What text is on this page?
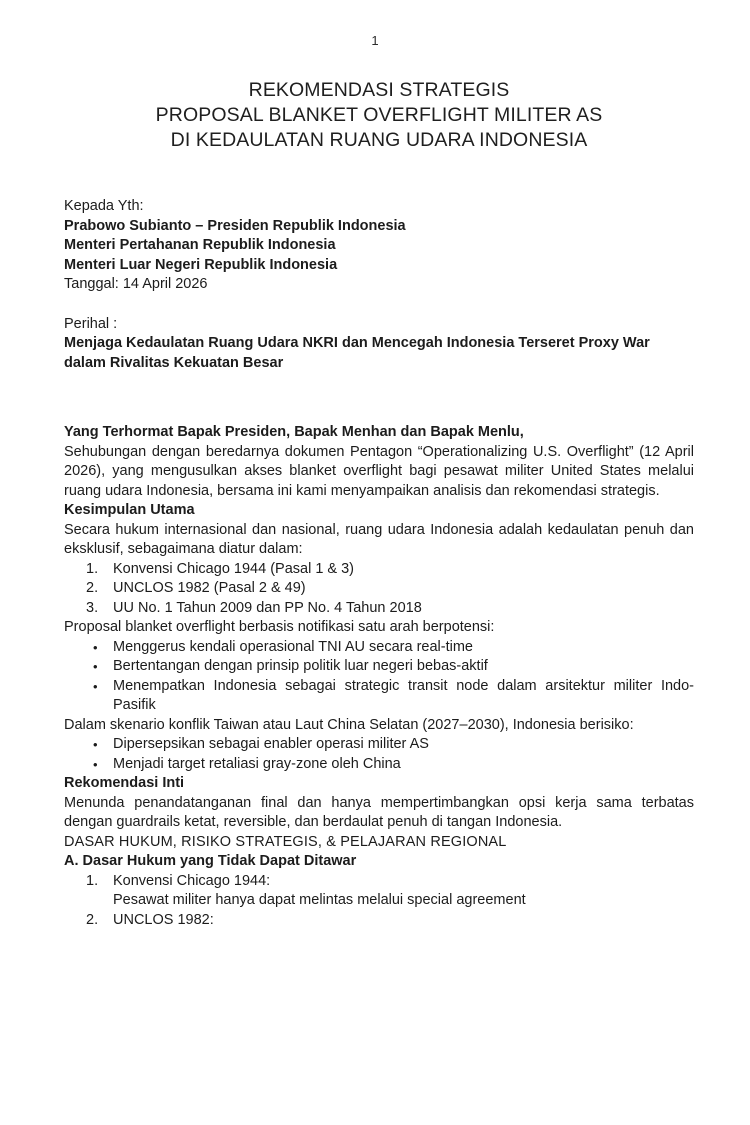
1
REKOMENDASI STRATEGIS
PROPOSAL BLANKET OVERFLIGHT MILITER AS
DI KEDAULATAN RUANG UDARA INDONESIA
Kepada Yth:
Prabowo Subianto – Presiden Republik Indonesia
Menteri Pertahanan Republik Indonesia
Menteri Luar Negeri Republik Indonesia
Tanggal: 14 April 2026
Perihal :
Menjaga Kedaulatan Ruang Udara NKRI dan Mencegah Indonesia Terseret Proxy War dalam Rivalitas Kekuatan Besar
Yang Terhormat Bapak Presiden, Bapak Menhan dan Bapak Menlu,

Sehubungan dengan beredarnya dokumen Pentagon “Operationalizing U.S. Overflight” (12 April 2026), yang mengusulkan akses blanket overflight bagi pesawat militer United States melalui ruang udara Indonesia, bersama ini kami menyampaikan analisis dan rekomendasi strategis.

Kesimpulan Utama

Secara hukum internasional dan nasional, ruang udara Indonesia adalah kedaulatan penuh dan eksklusif, sebagaimana diatur dalam:

1.	Konvensi Chicago 1944 (Pasal 1 & 3)
2.	UNCLOS 1982 (Pasal 2 & 49)
3.	UU No. 1 Tahun 2009 dan PP No. 4 Tahun 2018

Proposal blanket overflight berbasis notifikasi satu arah berpotensi:

• Menggerus kendali operasional TNI AU secara real-time
• Bertentangan dengan prinsip politik luar negeri bebas-aktif
• Menempatkan Indonesia sebagai strategic transit node dalam arsitektur militer Indo-Pasifik

Dalam skenario konflik Taiwan atau Laut China Selatan (2027–2030), Indonesia berisiko:

• Dipersepsikan sebagai enabler operasi militer AS
• Menjadi target retaliasi gray-zone oleh China
Rekomendasi Inti

Menunda penandatanganan final dan hanya mempertimbangkan opsi kerja sama terbatas dengan guardrails ketat, reversible, dan berdaulat penuh di tangan Indonesia.

DASAR HUKUM, RISIKO STRATEGIS, & PELAJARAN REGIONAL
A. Dasar Hukum yang Tidak Dapat Ditawar
1.	Konvensi Chicago 1944:
Pesawat militer hanya dapat melintas melalui special agreement
2.	UNCLOS 1982:
